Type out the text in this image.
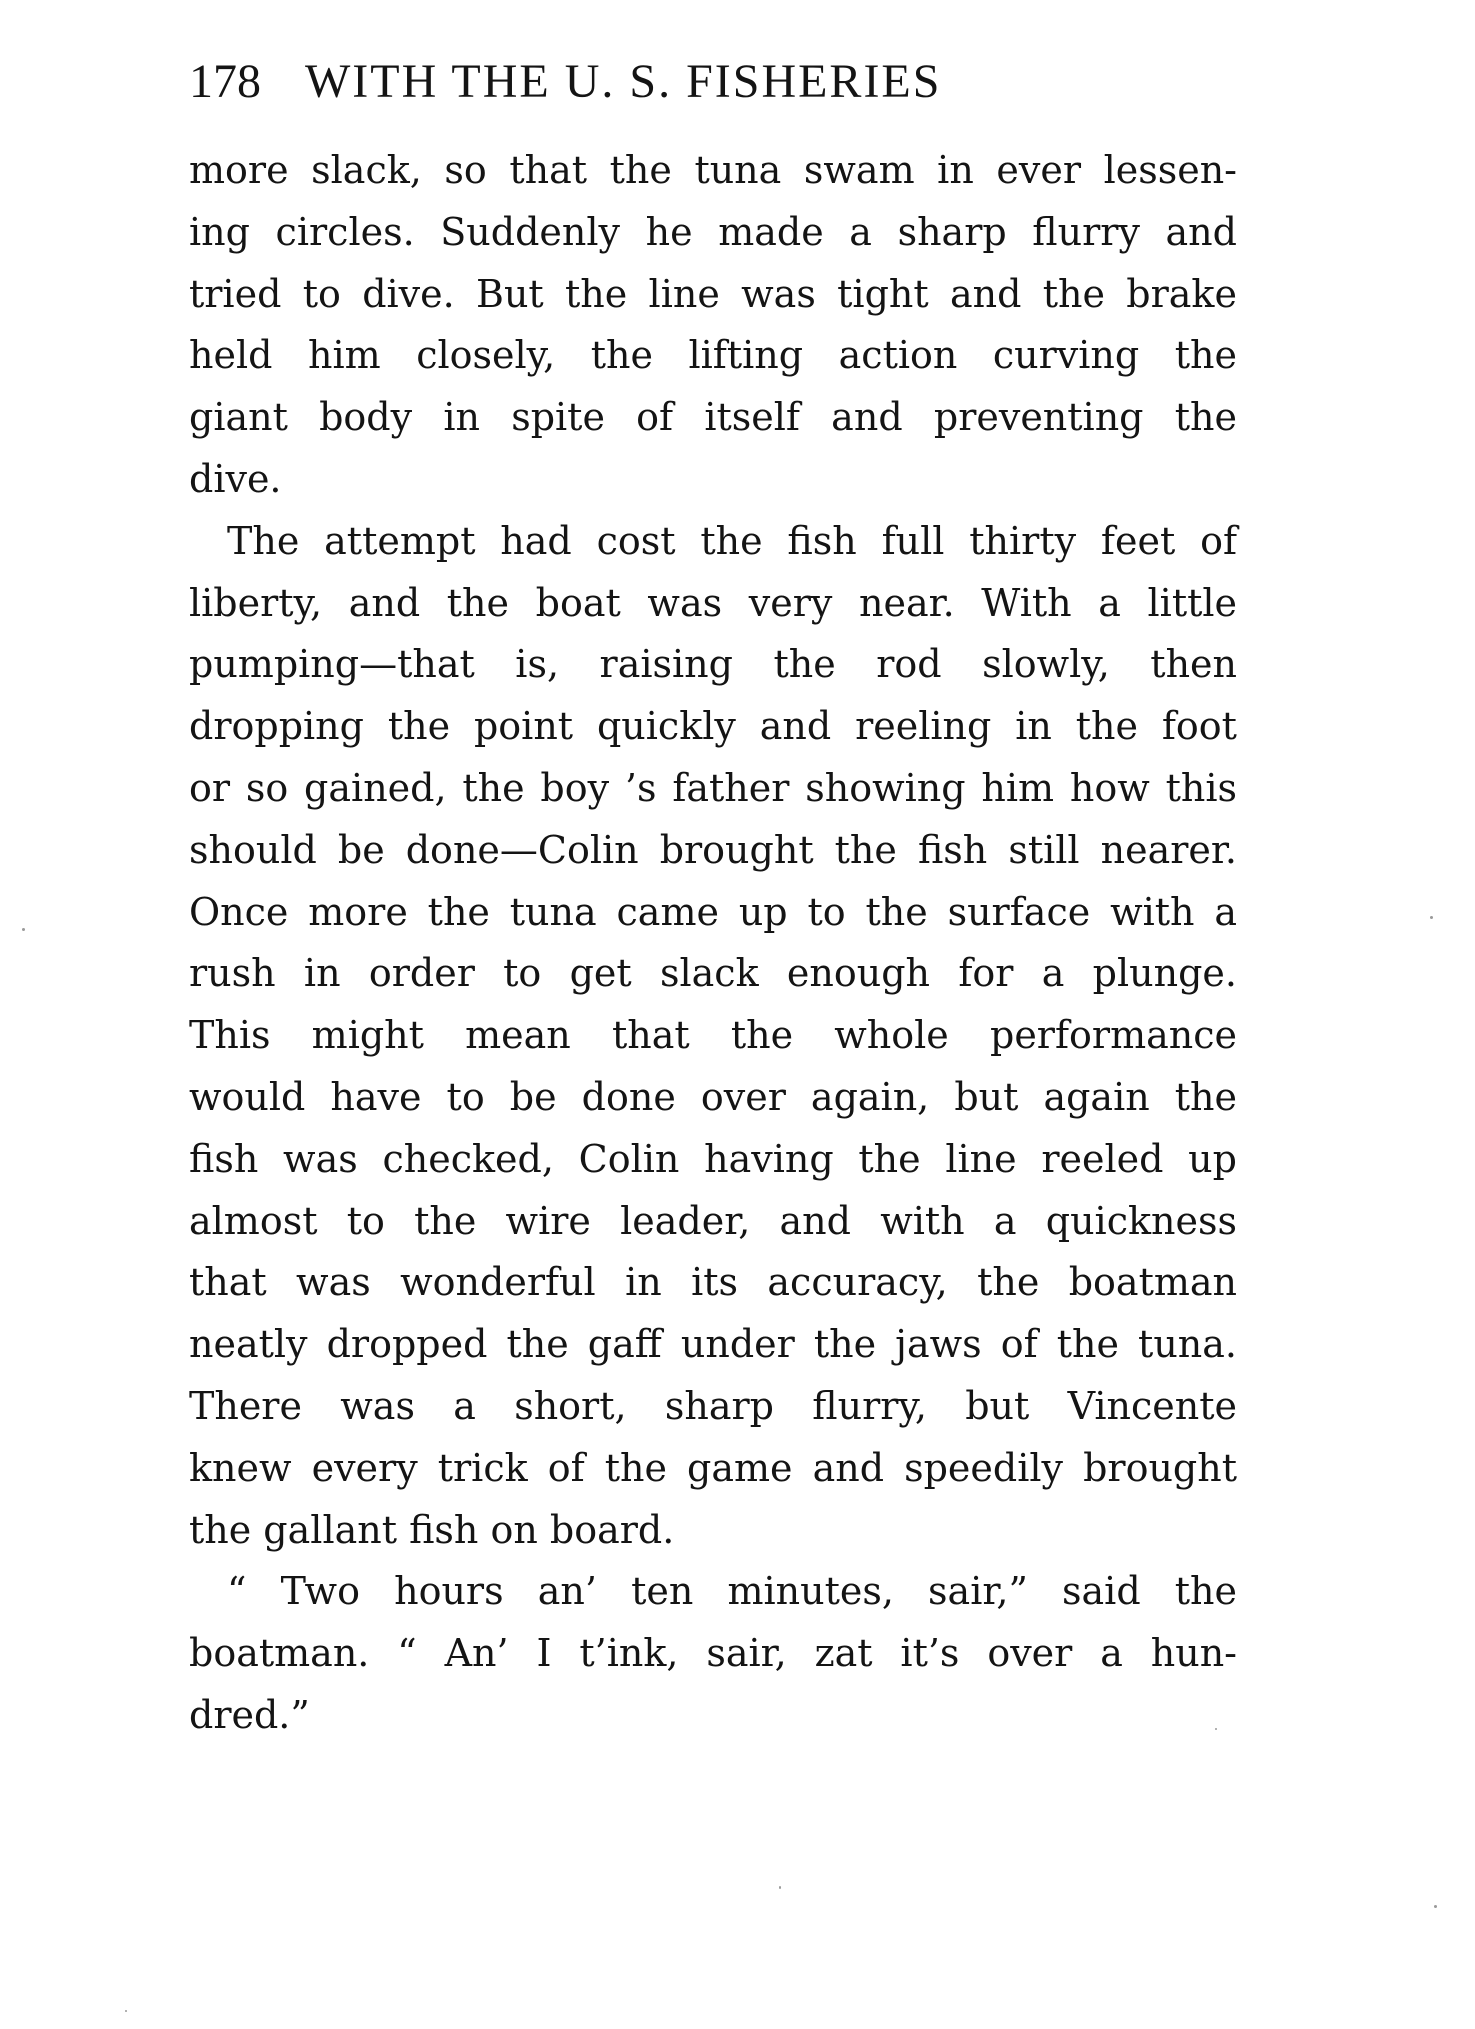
178 WITH THE U. S. FISHERIES
more slack, so that the tuna swam in ever lessen-
ing circles. Suddenly he made a sharp flurry and
tried to dive. But the line was tight and the brake
held him closely, the lifting action curving the
giant body in spite of itself and preventing the
dive.
The attempt had cost the fish full thirty feet of
liberty, and the boat was very near. With a little
pumping—that is, raising the rod slowly, then
dropping the point quickly and reeling in the foot
or so gained, the boy ’s father showing him how this
should be done—Colin brought the fish still nearer.
Once more the tuna came up to the surface with a
rush in order to get slack enough for a plunge.
This might mean that the whole performance
would have to be done over again, but again the
fish was checked, Colin having the line reeled up
almost to the wire leader, and with a quickness
that was wonderful in its accuracy, the boatman
neatly dropped the gaff under the jaws of the tuna.
There was a short, sharp flurry, but Vincente
knew every trick of the game and speedily brought
the gallant fish on board.
“ Two hours an’ ten minutes, sair,” said the
boatman. “ An’ I t’ink, sair, zat it’s over a hun-
dred.”
